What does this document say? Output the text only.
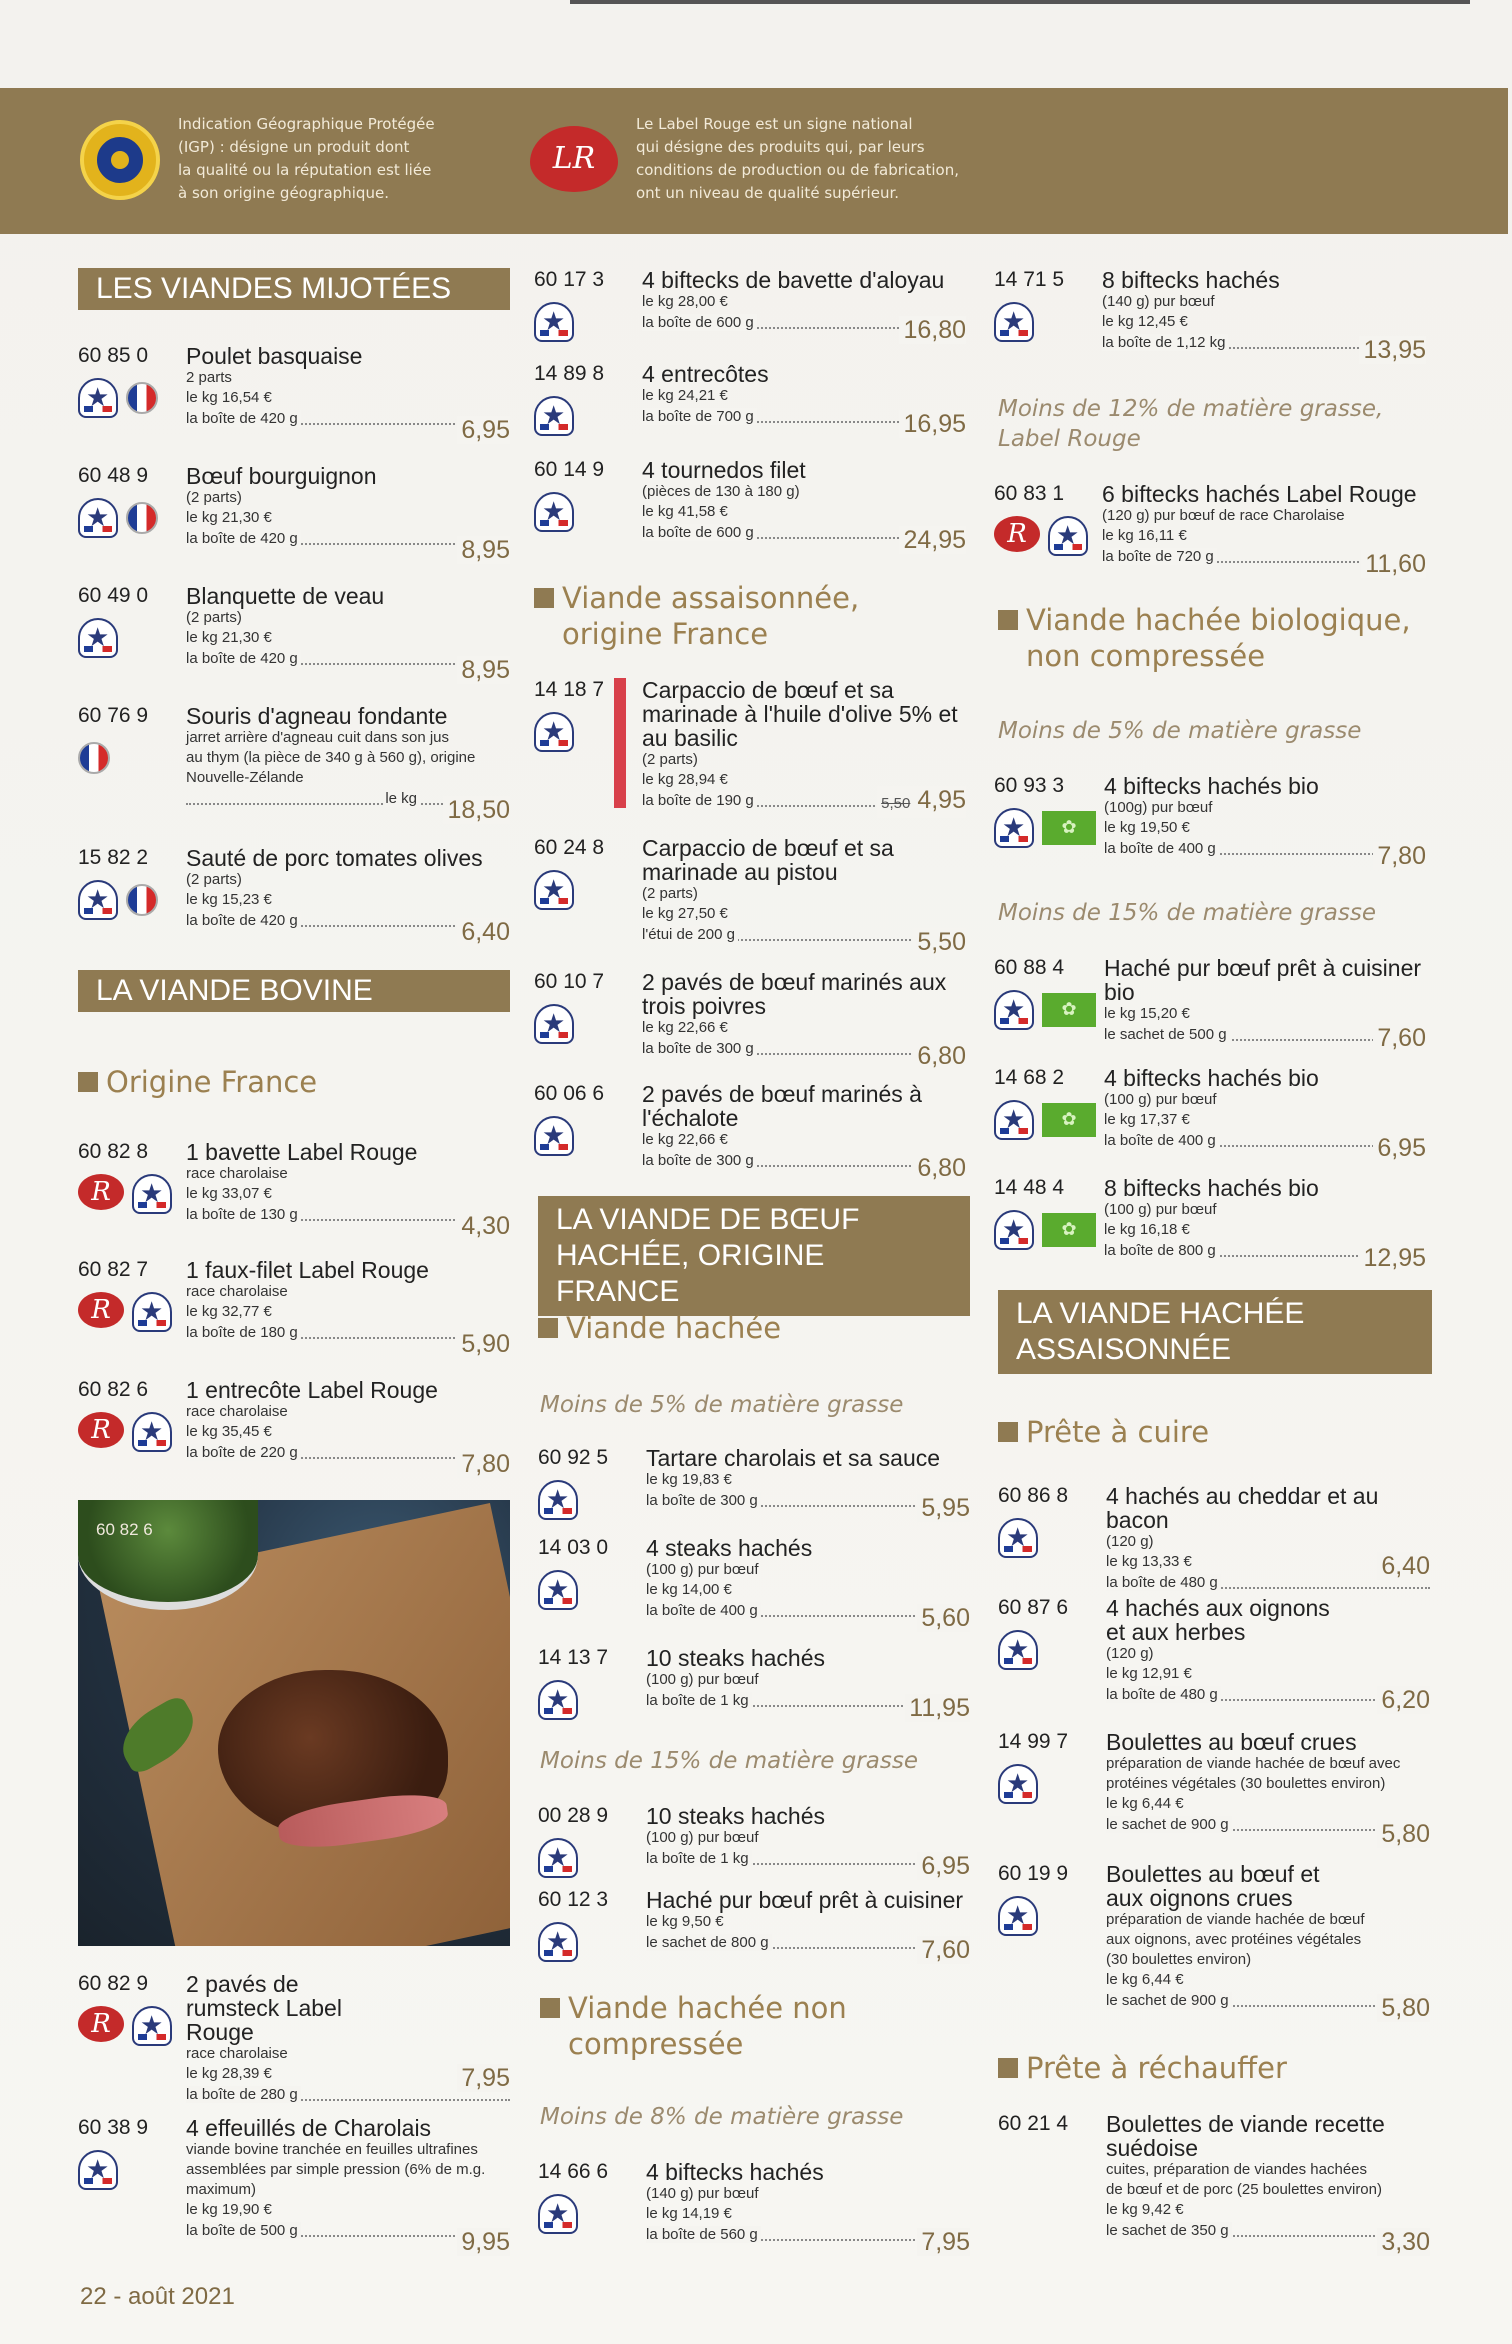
Indication Géographique Protégée
(IGP) : désigne un produit dont
la qualité ou la réputation est liée
à son origine géographique.
LR
Le Label Rouge est un signe national
qui désigne des produits qui, par leurs
conditions de production ou de fabrication,
ont un niveau de qualité supérieur.
LES VIANDES MIJOTÉES
60 85 0
★ Poulet basquaise
2 parts
le kg 16,54 €
la boîte de 420 g	6,95
60 48 9
★ Bœuf bourguignon
(2 parts)
le kg 21,30 €
la boîte de 420 g	8,95
60 49 0
★ Blanquette de veau
(2 parts)
le kg 21,30 €
la boîte de 420 g	8,95
60 76 9 Souris d'agneau fondante
jarret arrière d'agneau cuit dans son jus
au thym (la pièce de 340 g à 560 g), origine
Nouvelle-Zélande
le kg	18,50
15 82 2
★ Sauté de porc tomates olives
(2 parts)
le kg 15,23 €
la boîte de 420 g	6,40
LA VIANDE BOVINE
Origine France
60 82 8
R
★
1 bavette Label Rouge
race charolaise
le kg 33,07 €
la boîte de 130 g	4,30
60 82 7
R
★
1 faux-filet Label Rouge
race charolaise
le kg 32,77 €
la boîte de 180 g	5,90
60 82 6
R
★
1 entrecôte Label Rouge
race charolaise
le kg 35,45 €
la boîte de 220 g	7,80
60 82 6
60 82 9
R
★
2 pavés de rumsteck Label Rouge
race charolaise
le kg 28,39 €
la boîte de 280 g
7,95
60 38 9
★ 4 effeuillés de Charolais
viande bovine tranchée en feuilles ultrafines
assemblées par simple pression (6% de m.g.
maximum)
le kg 19,90 €
la boîte de 500 g	9,95
60 17 3
★ 4 biftecks de bavette d'aloyau
le kg 28,00 €
la boîte de 600 g	16,80
14 89 8
★ 4 entrecôtes
le kg 24,21 €
la boîte de 700 g	16,95
60 14 9
★ 4 tournedos filet
(pièces de 130 à 180 g)
le kg 41,58 €
la boîte de 600 g	24,95
Viande assaisonnée, origine France
14 18 7
★ Carpaccio de bœuf et sa marinade à l'huile d'olive 5% et au basilic
(2 parts)
le kg 28,94 €
la boîte de 190 g	5,50 4,95
60 24 8
★ Carpaccio de bœuf et sa marinade au pistou
(2 parts)
le kg 27,50 €
l'étui de 200 g	5,50
60 10 7
★ 2 pavés de bœuf marinés aux trois poivres
le kg 22,66 €
la boîte de 300 g	6,80
60 06 6
★ 2 pavés de bœuf marinés à l'échalote
le kg 22,66 €
la boîte de 300 g	6,80
LA VIANDE DE BŒUF HACHÉE, ORIGINE FRANCE
Viande hachée
Moins de 5% de matière grasse
60 92 5
★ Tartare charolais et sa sauce
le kg 19,83 €
la boîte de 300 g	5,95
14 03 0
★ 4 steaks hachés
(100 g) pur bœuf
le kg 14,00 €
la boîte de 400 g	5,60
14 13 7
★ 10 steaks hachés
(100 g) pur bœuf
la boîte de 1 kg	11,95
Moins de 15% de matière grasse
00 28 9
★ 10 steaks hachés
(100 g) pur bœuf
la boîte de 1 kg	6,95
60 12 3
★ Haché pur bœuf prêt à cuisiner
le kg 9,50 €
le sachet de 800 g	7,60
Viande hachée non compressée
Moins de 8% de matière grasse
14 66 6
★ 4 biftecks hachés
(140 g) pur bœuf
le kg 14,19 €
la boîte de 560 g	7,95
14 71 5
★ 8 biftecks hachés
(140 g) pur bœuf
le kg 12,45 €
la boîte de 1,12 kg	13,95
Moins de 12% de matière grasse, Label Rouge
60 83 1
R
★
6 biftecks hachés Label Rouge
(120 g) pur bœuf de race Charolaise
le kg 16,11 €
la boîte de 720 g	11,60
Viande hachée biologique, non compressée
Moins de 5% de matière grasse
60 93 3
★
✿
4 biftecks hachés bio
(100g) pur bœuf
le kg 19,50 €
la boîte de 400 g	7,80
Moins de 15% de matière grasse
60 88 4
★
✿
Haché pur bœuf prêt à cuisiner bio
le kg 15,20 €
le sachet de 500 g	7,60
14 68 2
★
✿
4 biftecks hachés bio
(100 g) pur bœuf
le kg 17,37 €
la boîte de 400 g	6,95
14 48 4
★
✿
8 biftecks hachés bio
(100 g) pur bœuf
le kg 16,18 €
la boîte de 800 g	12,95
LA VIANDE HACHÉE ASSAISONNÉE
Prête à cuire
60 86 8
★ 4 hachés au cheddar et au bacon
(120 g)
le kg 13,33 €
la boîte de 480 g
6,40
60 87 6
★ 4 hachés aux oignons et aux herbes
(120 g)
le kg 12,91 €
la boîte de 480 g	6,20
14 99 7
★ Boulettes au bœuf crues
préparation de viande hachée de bœuf avec
protéines végétales (30 boulettes environ)
le kg 6,44 €
le sachet de 900 g	5,80
60 19 9
★ Boulettes au bœuf et aux oignons crues
préparation de viande hachée de bœuf
aux oignons, avec protéines végétales
(30 boulettes environ)
le kg 6,44 €
le sachet de 900 g	5,80
Prête à réchauffer
60 21 4 Boulettes de viande recette suédoise
cuites, préparation de viandes hachées
de bœuf et de porc (25 boulettes environ)
le kg 9,42 €
le sachet de 350 g	3,30
22 - août 2021
